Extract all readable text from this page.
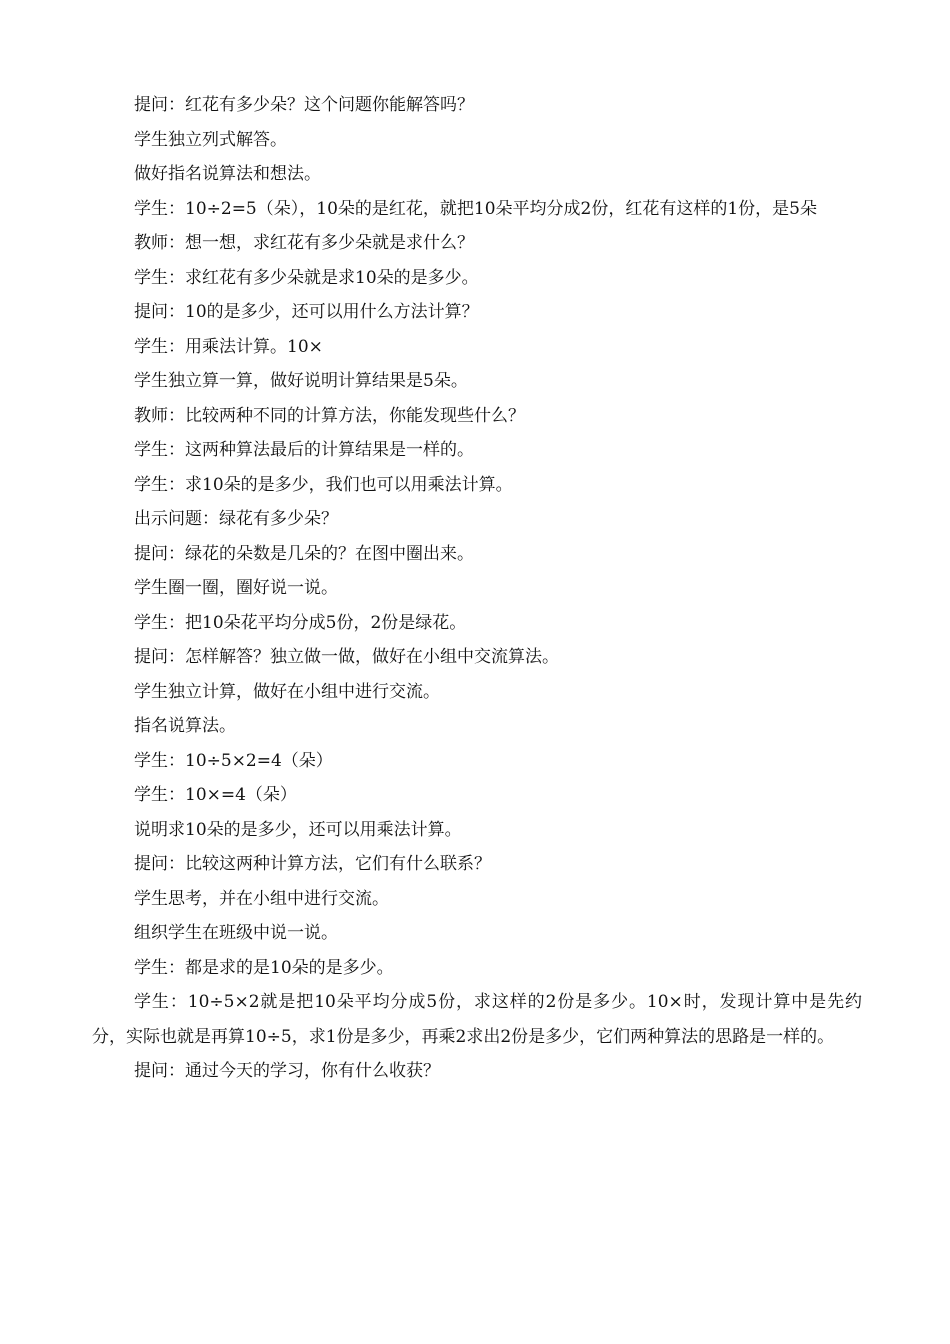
提问：红花有多少朵？这个问题你能解答吗？
学生独立列式解答。
做好指名说算法和想法。
学生：10÷2=5（朵），10朵的是红花，就把10朵平均分成2份，红花有这样的1份，是5朵
教师：想一想，求红花有多少朵就是求什么？
学生：求红花有多少朵就是求10朵的是多少。
提问：10的是多少，还可以用什么方法计算？
学生：用乘法计算。10×
学生独立算一算，做好说明计算结果是5朵。
教师：比较两种不同的计算方法，你能发现些什么？
学生：这两种算法最后的计算结果是一样的。
学生：求10朵的是多少，我们也可以用乘法计算。
出示问题：绿花有多少朵？
提问：绿花的朵数是几朵的？在图中圈出来。
学生圈一圈，圈好说一说。
学生：把10朵花平均分成5份，2份是绿花。
提问：怎样解答？独立做一做，做好在小组中交流算法。
学生独立计算，做好在小组中进行交流。
指名说算法。
学生：10÷5×2=4（朵）
学生：10×=4（朵）
说明求10朵的是多少，还可以用乘法计算。
提问：比较这两种计算方法，它们有什么联系？
学生思考，并在小组中进行交流。
组织学生在班级中说一说。
学生：都是求的是10朵的是多少。
学生：10÷5×2就是把10朵平均分成5份，求这样的2份是多少。10×时，发现计算中是先约分，实际也就是再算10÷5，求1份是多少，再乘2求出2份是多少，它们两种算法的思路是一样的。
提问：通过今天的学习，你有什么收获？
